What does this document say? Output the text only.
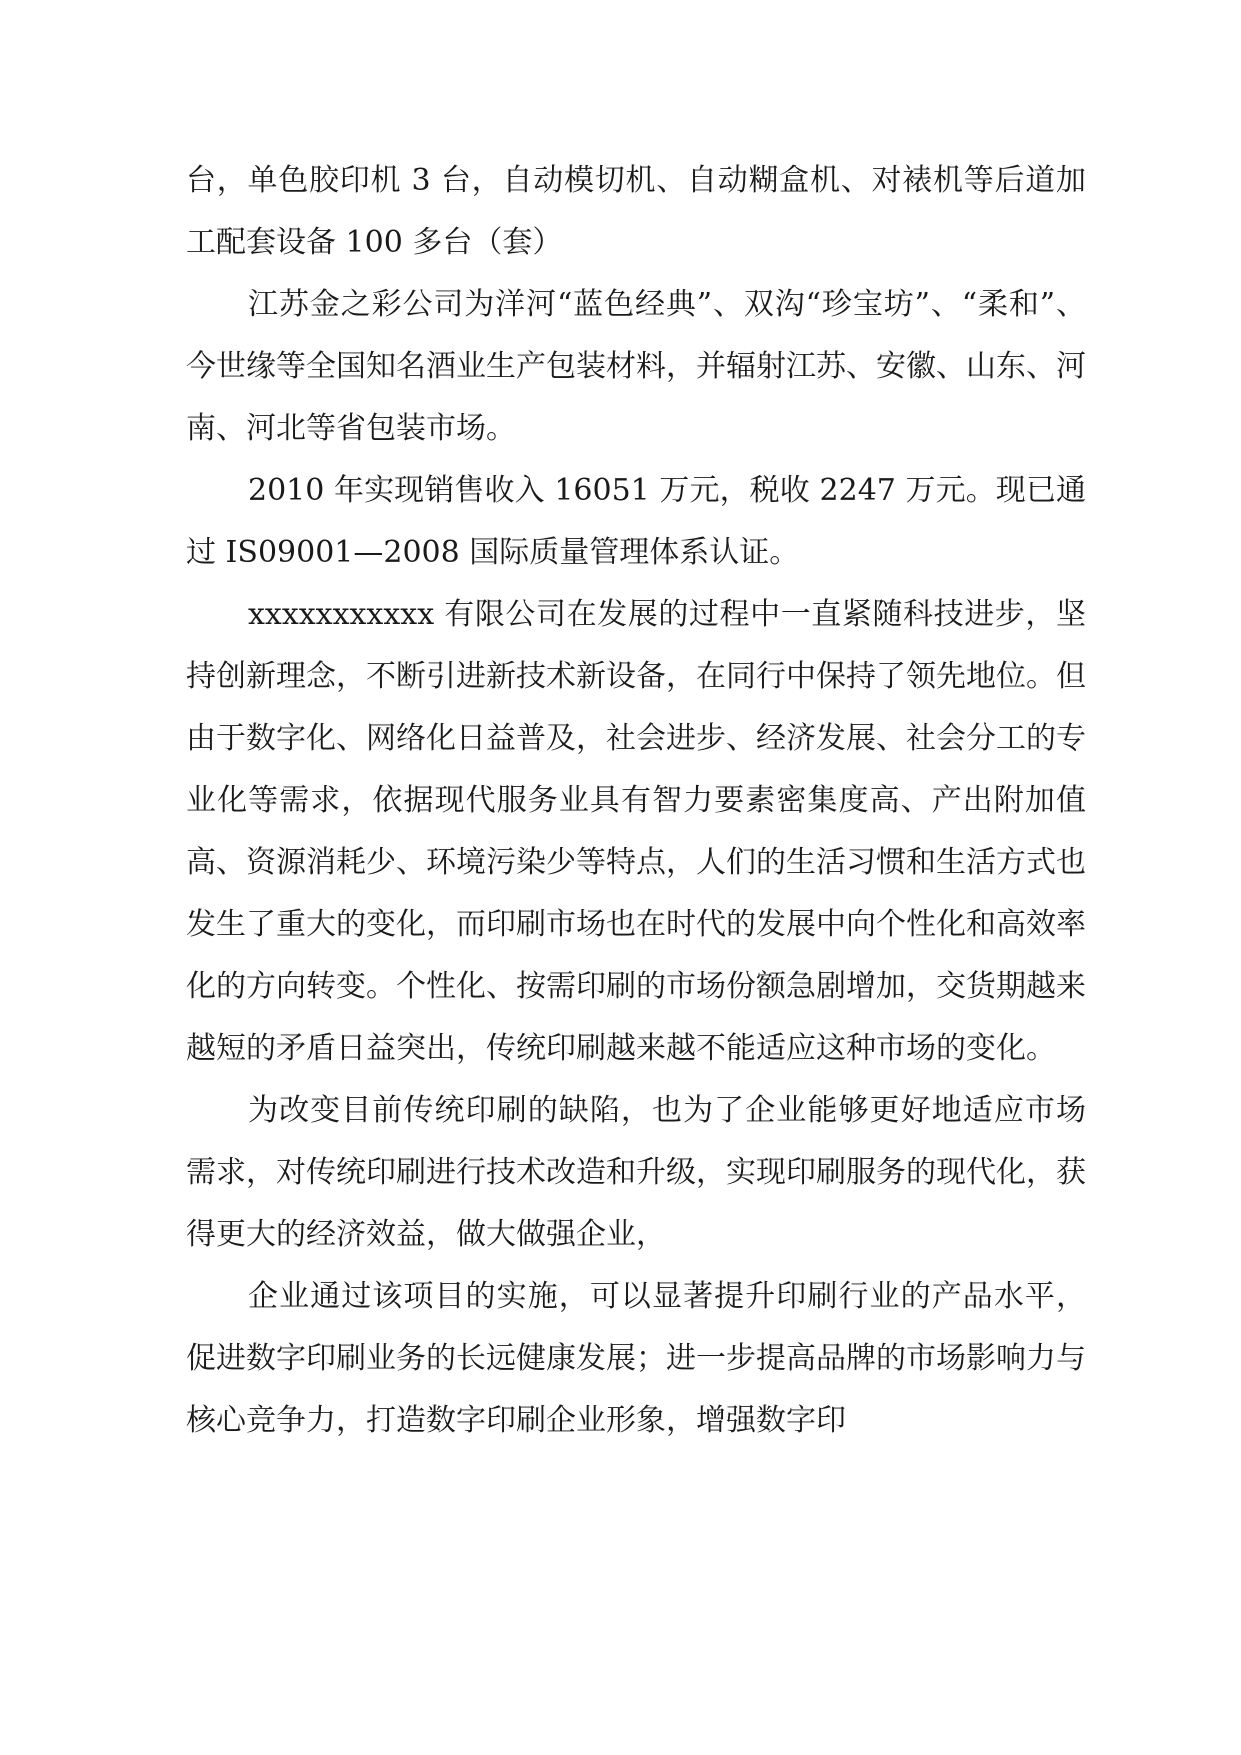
台，单色胶印机 3 台，自动模切机、自动糊盒机、对裱机等后道加工配套设备 100 多台（套）

江苏金之彩公司为洋河“蓝色经典”、双沟“珍宝坊”、“柔和”、今世缘等全国知名酒业生产包装材料，并辐射江苏、安徽、山东、河南、河北等省包装市场。

2010 年实现销售收入 16051 万元，税收 2247 万元。现已通过 IS09001—2008 国际质量管理体系认证。

xxxxxxxxxxx 有限公司在发展的过程中一直紧随科技进步，坚持创新理念，不断引进新技术新设备，在同行中保持了领先地位。但由于数字化、网络化日益普及，社会进步、经济发展、社会分工的专业化等需求，依据现代服务业具有智力要素密集度高、产出附加值高、资源消耗少、环境污染少等特点，人们的生活习惯和生活方式也发生了重大的变化，而印刷市场也在时代的发展中向个性化和高效率化的方向转变。个性化、按需印刷的市场份额急剧增加，交货期越来越短的矛盾日益突出，传统印刷越来越不能适应这种市场的变化。

为改变目前传统印刷的缺陷，也为了企业能够更好地适应市场需求，对传统印刷进行技术改造和升级，实现印刷服务的现代化，获得更大的经济效益，做大做强企业，

企业通过该项目的实施，可以显著提升印刷行业的产品水平，促进数字印刷业务的长远健康发展；进一步提高品牌的市场影响力与核心竞争力，打造数字印刷企业形象，增强数字印
